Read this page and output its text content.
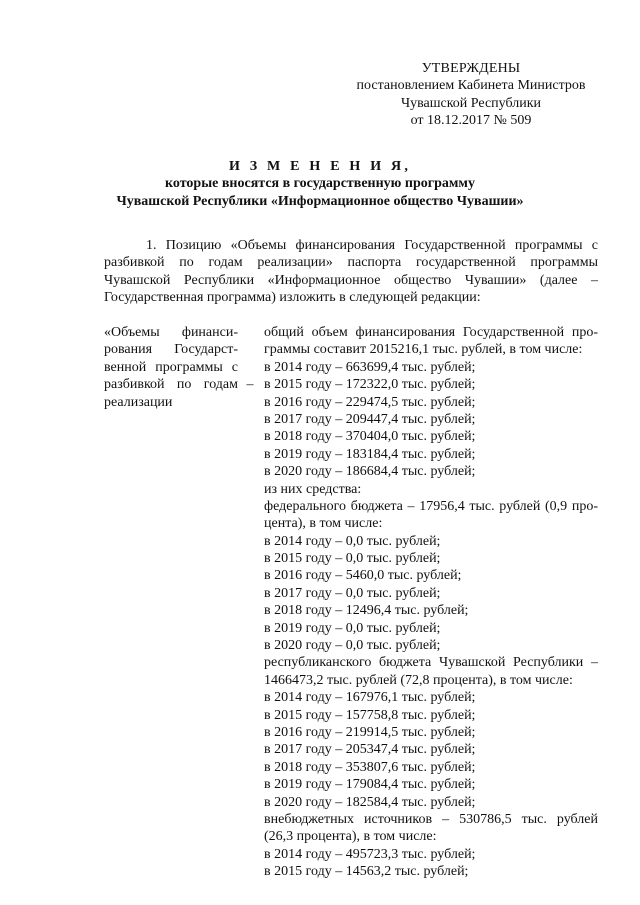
УТВЕРЖДЕНЫ
постановлением Кабинета Министров
Чувашской Республики
от 18.12.2017 № 509
И З М Е Н Е Н И Я,
которые вносятся в государственную программу
Чувашской Республики «Информационное общество Чувашии»

1. Позицию «Объемы финансирования Государственной программы с разбивкой по годам реализации» паспорта государственной программы Чувашской Республики «Информационное общество Чувашии» (далее – Государственная программа) изложить в следующей редакции:

«Объемы финанси-
рования Государст-
венной программы с
разбивкой по годам
реализации
–
общий объем финансирования Государственной про-
граммы составит 2015216,1 тыс. рублей, в том числе:
в 2014 году – 663699,4 тыс. рублей;
в 2015 году – 172322,0 тыс. рублей;
в 2016 году – 229474,5 тыс. рублей;
в 2017 году – 209447,4 тыс. рублей;
в 2018 году – 370404,0 тыс. рублей;
в 2019 году – 183184,4 тыс. рублей;
в 2020 году – 186684,4 тыс. рублей;
из них средства:
федерального бюджета – 17956,4 тыс. рублей (0,9 про-
цента), в том числе:
в 2014 году – 0,0 тыс. рублей;
в 2015 году – 0,0 тыс. рублей;
в 2016 году – 5460,0 тыс. рублей;
в 2017 году – 0,0 тыс. рублей;
в 2018 году – 12496,4 тыс. рублей;
в 2019 году – 0,0 тыс. рублей;
в 2020 году – 0,0 тыс. рублей;
республиканского бюджета Чувашской Республики –
1466473,2 тыс. рублей (72,8 процента), в том числе:
в 2014 году – 167976,1 тыс. рублей;
в 2015 году – 157758,8 тыс. рублей;
в 2016 году – 219914,5 тыс. рублей;
в 2017 году – 205347,4 тыс. рублей;
в 2018 году – 353807,6 тыс. рублей;
в 2019 году – 179084,4 тыс. рублей;
в 2020 году – 182584,4 тыс. рублей;
внебюджетных источников – 530786,5 тыс. рублей
(26,3 процента), в том числе:
в 2014 году – 495723,3 тыс. рублей;
в 2015 году – 14563,2 тыс. рублей;
